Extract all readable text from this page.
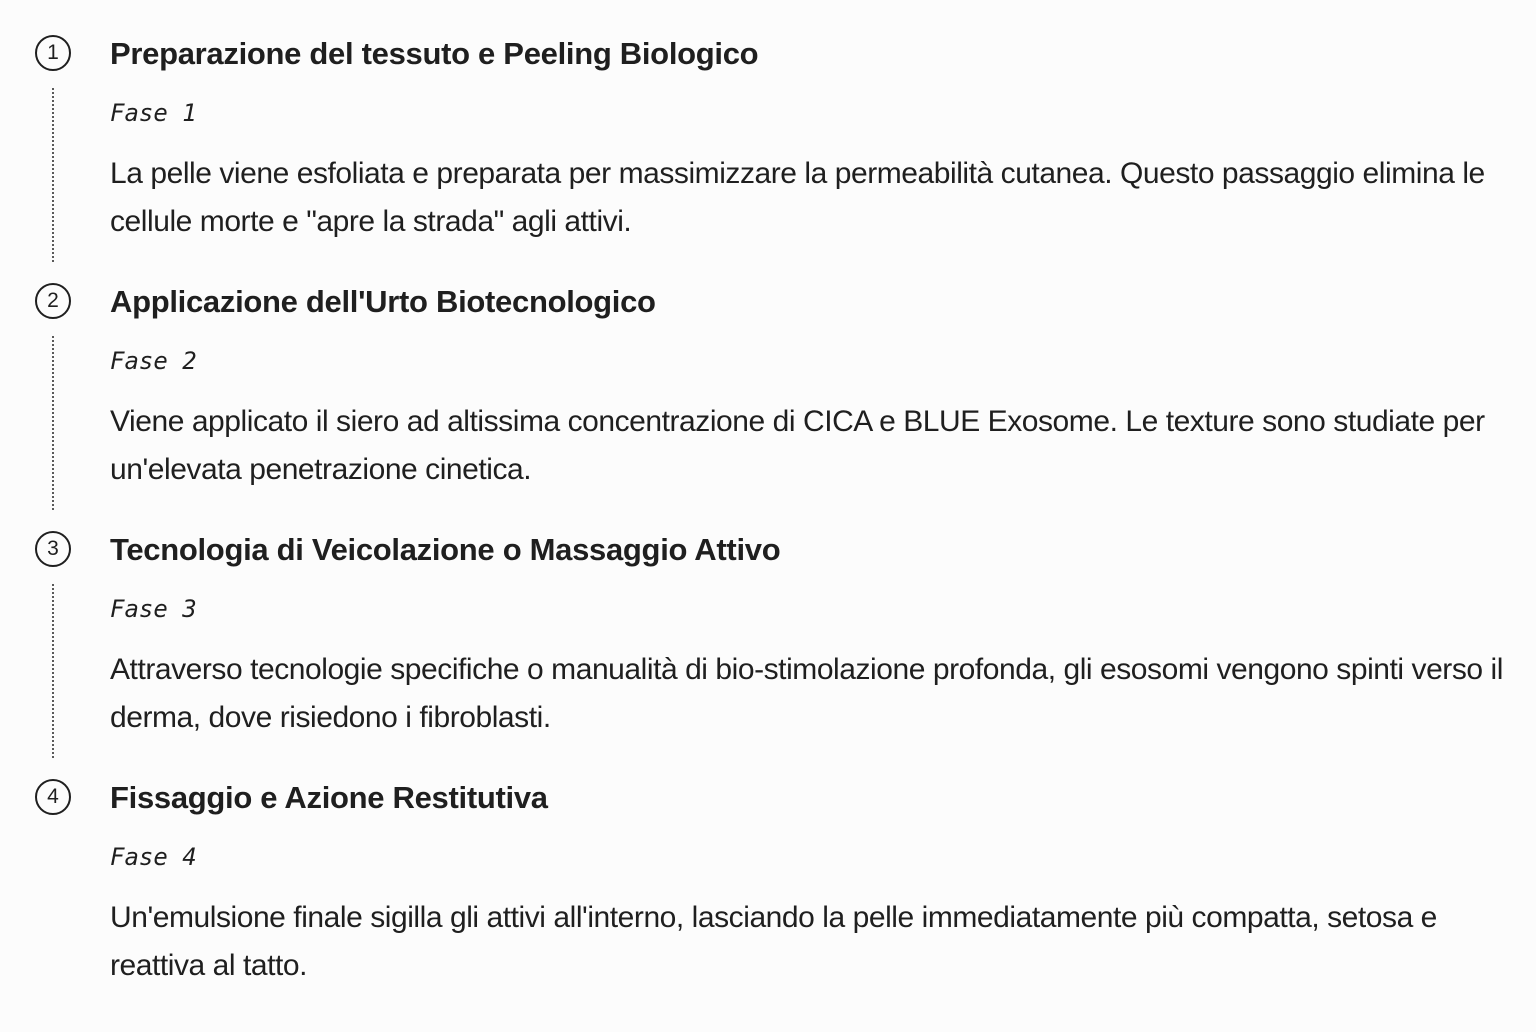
1	Preparazione del tessuto e Peeling Biologico

Fase 1

La pelle viene esfoliata e preparata per massimizzare la permeabilità cutanea. Questo passaggio elimina le cellule morte e "apre la strada" agli attivi.

2	Applicazione dell'Urto Biotecnologico

Fase 2

Viene applicato il siero ad altissima concentrazione di CICA e BLUE Exosome. Le texture sono studiate per un'elevata penetrazione cinetica.

3	Tecnologia di Veicolazione o Massaggio Attivo

Fase 3

Attraverso tecnologie specifiche o manualità di bio-stimolazione profonda, gli esosomi vengono spinti verso il derma, dove risiedono i fibroblasti.

4	Fissaggio e Azione Restitutiva

Fase 4

Un'emulsione finale sigilla gli attivi all'interno, lasciando la pelle immediatamente più compatta, setosa e reattiva al tatto.
